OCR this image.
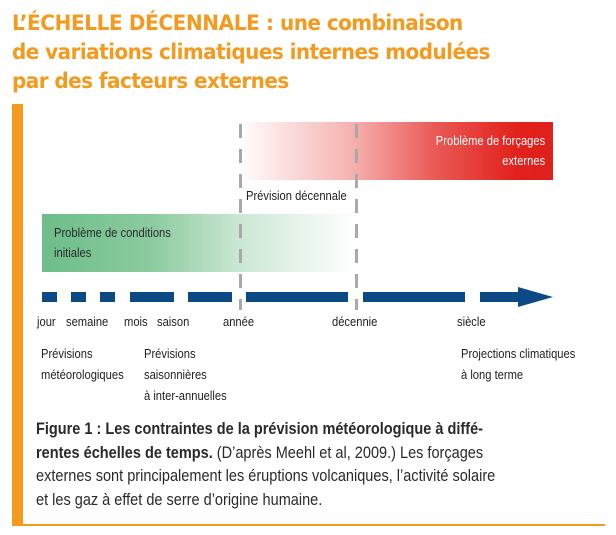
L’ÉCHELLE DÉCENNALE : une combinaison
de variations climatiques internes modulées
par des facteurs externes
Problème de forçages
externes
Problème de conditions
initiales
Prévision décennale
jour semaine mois saison	année	décennie	siècle
Prévisions
météorologiques
Prévisions
saisonnières
à inter-annuelles
Projections climatiques
à long terme
Figure 1 : Les contraintes de la prévision météorologique à diffé-
rentes échelles de temps. (D’après Meehl et al, 2009.) Les forçages
externes sont principalement les éruptions volcaniques, l’activité solaire
et les gaz à effet de serre d’origine humaine.
